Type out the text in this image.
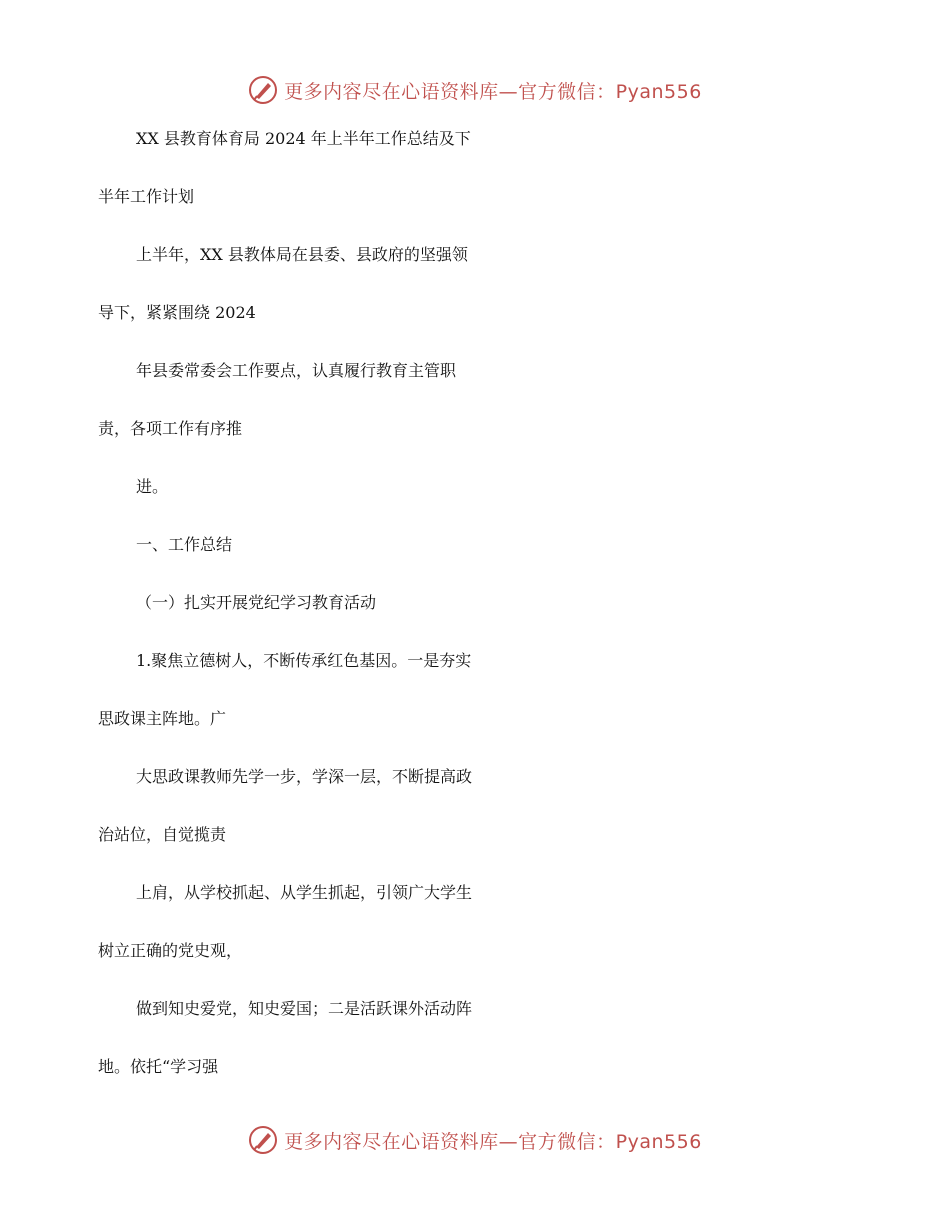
更多内容尽在心语资料库—官方微信：Pyan556
XX 县教育体育局 2024 年上半年工作总结及下
半年工作计划
上半年，XX 县教体局在县委、县政府的坚强领
导下，紧紧围绕 2024
年县委常委会工作要点，认真履行教育主管职
责，各项工作有序推
进。
一、工作总结
（一）扎实开展党纪学习教育活动
1.聚焦立德树人，不断传承红色基因。一是夯实
思政课主阵地。广
大思政课教师先学一步，学深一层，不断提高政
治站位，自觉揽责
上肩，从学校抓起、从学生抓起，引领广大学生
树立正确的党史观，
做到知史爱党，知史爱国；二是活跃课外活动阵
地。依托“学习强
更多内容尽在心语资料库—官方微信：Pyan556
